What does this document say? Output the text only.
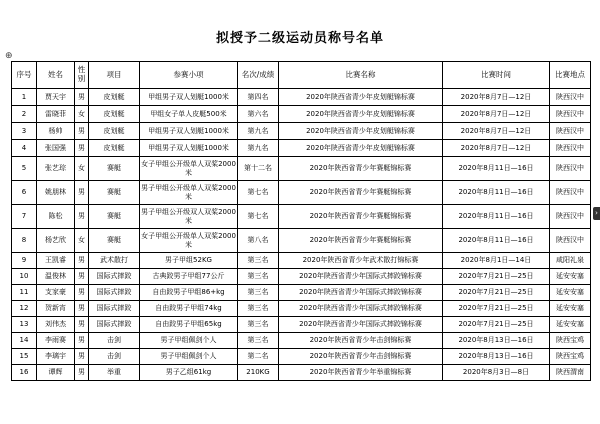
拟授予二级运动员称号名单
⊕
›
序号	姓名	性别	项目	参赛小项	名次/成绩	比赛名称	比赛时间	比赛地点
1	贾天宇	男	皮划艇	甲组男子双人划艇1000米	第四名	2020年陕西省青少年皮划艇锦标赛	2020年8月7日—12日	陕西汉中
2	雷晓菲	女	皮划艇	甲组女子单人皮艇500米	第六名	2020年陕西省青少年皮划艇锦标赛	2020年8月7日—12日	陕西汉中
3	杨帅	男	皮划艇	甲组男子双人划艇1000米	第九名	2020年陕西省青少年皮划艇锦标赛	2020年8月7日—12日	陕西汉中
4	张国强	男	皮划艇	甲组男子双人划艇1000米	第九名	2020年陕西省青少年皮划艇锦标赛	2020年8月7日—12日	陕西汉中
5	张艺琮	女	赛艇	女子甲组公开级单人双桨2000米	第十二名	2020年陕西省青少年赛艇锦标赛	2020年8月11日—16日	陕西汉中
6	姚朋林	男	赛艇	男子甲组公开级单人双桨2000米	第七名	2020年陕西省青少年赛艇锦标赛	2020年8月11日—16日	陕西汉中
7	陈松	男	赛艇	男子甲组公开级双人双桨2000米	第七名	2020年陕西省青少年赛艇锦标赛	2020年8月11日—16日	陕西汉中
8	杨艺欣	女	赛艇	女子甲组公开级单人双桨2000米	第八名	2020年陕西省青少年赛艇锦标赛	2020年8月11日—16日	陕西汉中
9	王凯睿	男	武术散打	男子甲组52KG	第三名	2020年陕西省青少年武术散打锦标赛	2020年8月1日—14日	咸阳礼泉
10	温俊林	男	国际式摔跤	古典跤男子甲组77公斤	第三名	2020年陕西省青少年国际式摔跤锦标赛	2020年7月21日—25日	延安安塞
11	支家豪	男	国际式摔跤	自由跤男子甲组86+kg	第三名	2020年陕西省青少年国际式摔跤锦标赛	2020年7月21日—25日	延安安塞
12	贺新宵	男	国际式摔跤	自由跤男子甲组74kg	第三名	2020年陕西省青少年国际式摔跤锦标赛	2020年7月21日—25日	延安安塞
13	刘伟杰	男	国际式摔跤	自由跤男子甲组65kg	第三名	2020年陕西省青少年国际式摔跤锦标赛	2020年7月21日—25日	延安安塞
14	李雨赛	男	击剑	男子甲组佩剑个人	第三名	2020年陕西省青少年击剑锦标赛	2020年8月13日—16日	陕西宝鸡
15	李璃宇	男	击剑	男子甲组佩剑个人	第二名	2020年陕西省青少年击剑锦标赛	2020年8月13日—16日	陕西宝鸡
16	谭辉	男	举重	男子乙组61kg	210KG	2020年陕西省青少年举重锦标赛	2020年8月3日—8日	陕西渭南
